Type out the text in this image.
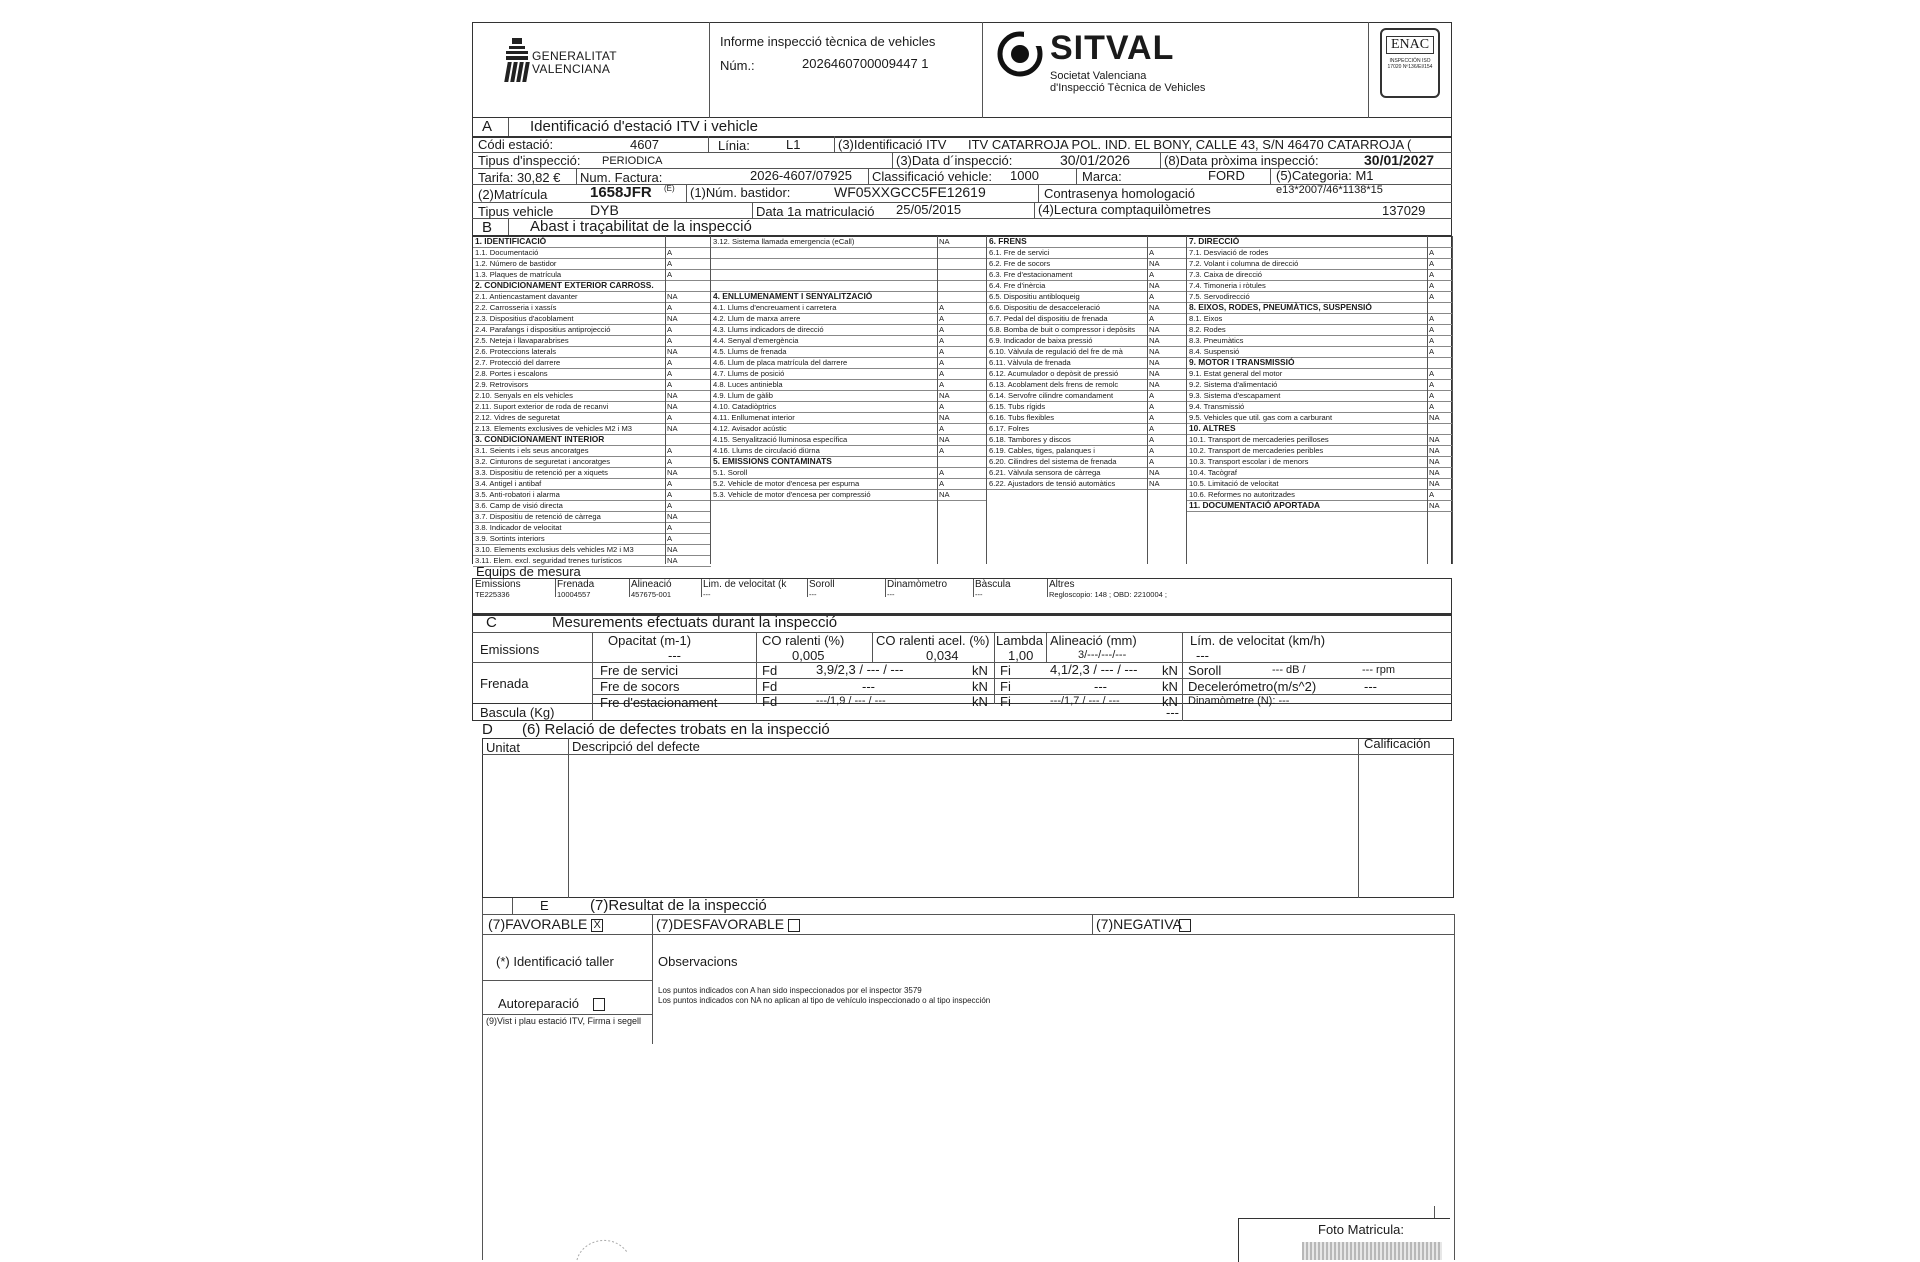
GENERALITAT
VALENCIANA
Informe inspecció tècnica de vehicles
Núm.:	2026460700009447 1	SITVAL
Societat Valenciana
d'Inspecció Tècnica de Vehicles
ENAC
INSPECCIÓN ISO 17020 Nº136/EI/154
A	Identificació d'estació ITV i vehicle
Códi estació:	4607	Línia:	L1	(3)Identificació ITV ITV CATARROJA POL. IND. EL BONY, CALLE 43, S/N 46470 CATARROJA (
Tipus d'inspecció: PERIODICA	(3)Data d´inspecció:	30/01/2026	(8)Data pròxima inspecció:	30/01/2027
Tarifa: 30,82 € Num. Factura:	2026-4607/07925 Classificació vehicle: 1000	Marca:	FORD (5)Categoria: M1
(2)Matrícula	1658JFR (E) (1)Núm. bastidor:	WF05XXGCC5FE12619	Contrasenya homologació	e13*2007/46*1138*15
Tipus vehicle	DYB	Data 1a matriculació 25/05/2015	(4)Lectura comptaquilòmetres	137029
B	Abast i traçabilitat de la inspecció
1. IDENTIFICACIÓ
1.1. Documentació	A
1.2. Número de bastidor	A
1.3. Plaques de matrícula	A
2. CONDICIONAMENT EXTERIOR CARROSS.
2.1. Antiencastament davanter	NA
2.2. Carrosseria i xassís	A
2.3. Dispositius d'acoblament	NA
2.4. Parafangs i dispositius antiprojecció	A
2.5. Neteja i llavaparabrises	A
2.6. Proteccions laterals	NA
2.7. Protecció del darrere	A
2.8. Portes i escalons	A
2.9. Retrovisors	A
2.10. Senyals en els vehicles	NA
2.11. Suport exterior de roda de recanvi	NA
2.12. Vidres de seguretat	A
2.13. Elements exclusives de vehicles M2 i M3	NA
3. CONDICIONAMENT INTERIOR
3.1. Seients i els seus ancoratges	A
3.2. Cinturons de seguretat i ancoratges	A
3.3. Dispositiu de retenció per a xiquets	NA
3.4. Antigel i antibaf	A
3.5. Anti-robatori i alarma	A
3.6. Camp de visió directa	A
3.7. Dispositiu de retenció de càrrega	NA
3.8. Indicador de velocitat	A
3.9. Sortints interiors	A
3.10. Elements exclusius dels vehicles M2 i M3	NA
3.11. Elem. excl. seguridad trenes turísticos	NA
3.12. Sistema llamada emergencia (eCall)	NA
4. ENLLUMENAMENT I SENYALITZACIÓ
4.1. Llums d'encreuament i carretera	A
4.2. Llum de marxa arrere	A
4.3. Llums indicadors de direcció	A
4.4. Senyal d'emergència	A
4.5. Llums de frenada	A
4.6. Llum de placa matrícula del darrere	A
4.7. Llums de posició	A
4.8. Luces antiniebla	A
4.9. Llum de gàlib	NA
4.10. Catadiòptrics	A
4.11. Enllumenat interior	NA
4.12. Avisador acústic	A
4.15. Senyalització lluminosa específica	NA
4.16. Llums de circulació diürna	A
5. EMISSIONS CONTAMINATS
5.1. Soroll	A
5.2. Vehicle de motor d'encesa per espurna	A
5.3. Vehicle de motor d'encesa per compressió	NA
6. FRENS
6.1. Fre de servici	A
6.2. Fre de socors	NA
6.3. Fre d'estacionament	A
6.4. Fre d'inèrcia	NA
6.5. Dispositiu antibloqueig	A
6.6. Dispositiu de desacceleració	NA
6.7. Pedal del dispositiu de frenada	A
6.8. Bomba de buit o compressor i depòsits NA
6.9. Indicador de baixa pressió	NA
6.10. Vàlvula de regulació del fre de mà	NA
6.11. Vàlvula de frenada	NA
6.12. Acumulador o depòsit de pressió	NA
6.13. Acoblament dels frens de remolc	NA
6.14. Servofre cilindre comandament	A
6.15. Tubs rígids	A
6.16. Tubs flexibles	A
6.17. Folres	A
6.18. Tambores y discos	A
6.19. Cables, tiges, palanques i	A
6.20. Cilindres del sistema de frenada	A
6.21. Vàlvula sensora de càrrega	NA
6.22. Ajustadors de tensió automàtics	NA
7. DIRECCIÓ
7.1. Desviació de rodes	A
7.2. Volant i columna de direcció	A
7.3. Caixa de direcció	A
7.4. Timoneria i ròtules	A
7.5. Servodirecció	A
8. EIXOS, RODES, PNEUMÀTICS, SUSPENSIÓ
8.1. Eixos	A
8.2. Rodes	A
8.3. Pneumàtics	A
8.4. Suspensió	A
9. MOTOR I TRANSMISSIÓ
9.1. Estat general del motor	A
9.2. Sistema d'alimentació	A
9.3. Sistema d'escapament	A
9.4. Transmissió	A
9.5. Vehicles que util. gas com a carburant	NA
10. ALTRES
10.1. Transport de mercaderies perilloses	NA
10.2. Transport de mercaderies peribles	NA
10.3. Transport escolar i de menors	NA
10.4. Tacògraf	NA
10.5. Limitació de velocitat	NA
10.6. Reformes no autoritzades	A
11. DOCUMENTACIÓ APORTADA	NA
Equips de mesura
Emissions
TE225336
Frenada
10004557
Alineació
457675-001
Lim. de velocitat (k
---
Soroll
---
Dinamòmetro
---
Bàscula
---
Altres
Regloscopio: 148 ; OBD: 2210004 ;
C	Mesurements efectuats durant la inspecció
Emissions
Opacitat (m-1)
---
CO ralenti (%)
0,005
CO ralenti acel. (%)
0,034
Lambda
1,00
Alineació (mm)
3/---/---/---
Lím. de velocitat (km/h)
---
Frenada
Fre de servici	Fd	3,9/2,3 / --- / ---	kN Fi	4,1/2,3 / --- / --- kN Soroll	--- dB /	--- rpm
Fre de socors	Fd	---	kN Fi	---	kN Decelerómetro(m/s^2)	---
Fre d'estacionament	Fd	---/1,9 / --- / ---	kN Fi	---/1,7 / --- / ---	kN Dinamòmetre (N): ---
Bascula (Kg)	---
D (6) Relació de defectes trobats en la inspecció
Unitat	Descripció del defecte	Calificación
E	(7)Resultat de la inspecció
(7)FAVORABLE X	(7)DESFAVORABLE	(7)NEGATIVA
(*) Identificació taller	Observacions
Los puntos indicados con A han sido inspeccionados por el inspector 3579
Los puntos indicados con NA no aplican al tipo de vehículo inspeccionado o al tipo inspección
Autoreparació
(9)Vist i plau estació ITV, Firma i segell
Foto Matricula:
